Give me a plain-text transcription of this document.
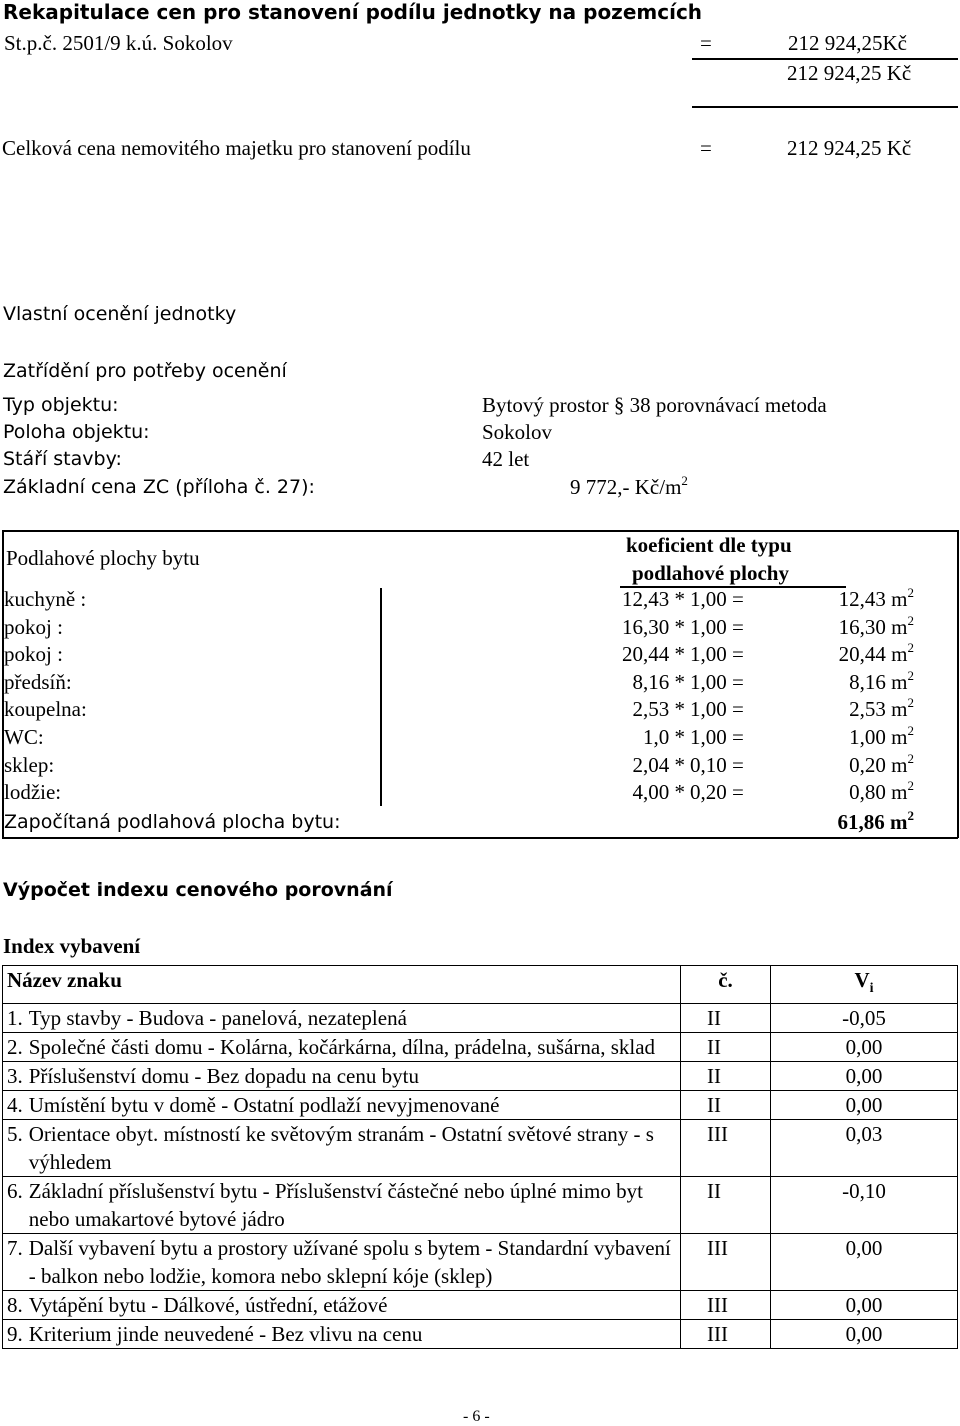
Rekapitulace cen pro stanovení podílu jednotky na pozemcích
St.p.č. 2501/9 k.ú. Sokolov	=	212 924,25Kč
212 924,25 Kč
Celková cena nemovitého majetku pro stanovení podílu	=	212 924,25 Kč
Vlastní ocenění jednotky
Zatřídění pro potřeby ocenění
Typ objektu:	Bytový prostor § 38 porovnávací metoda
Poloha objektu:	Sokolov
Stáří stavby:	42 let
Základní cena ZC (příloha č. 27):	9 772,- $Kč/m^2$
Podlahové plochy bytu
koeficient dle typu
podlahové plochy
kuchyně :	12,43 * 1,00 =	12,43 $m^2$
pokoj :	16,30 * 1,00 =	16,30 $m^2$
pokoj :	20,44 * 1,00 =	20,44 $m^2$
předsíň:	8,16 * 1,00 =	8,16 $m^2$
koupelna:	2,53 * 1,00 =	2,53 $m^2$
WC:	1,0 * 1,00 =	1,00 $m^2$
sklep:	2,04 * 0,10 =	0,20 $m^2$
lodžie:	4,00 * 0,20 =	0,80 $m^2$
Započítaná podlahová plocha bytu:	61,86 $m^2$
Výpočet indexu cenového porovnání
Index vybavení
Název znaku	č.	$V_i$

1. Typ stavby - Budova - panelová, nezateplená	II	-0,05

2. Společné části domu - Kolárna, kočárkárna, dílna, prádelna, sušárna, sklad	II	0,00

3. Příslušenství domu - Bez dopadu na cenu bytu	II	0,00

4. Umístění bytu v domě - Ostatní podlaží nevyjmenované	II	0,00

5. Orientace obyt. místností ke světovým stranám - Ostatní světové strany - s výhledem	III	0,03

6. Základní příslušenství bytu - Příslušenství částečné nebo úplné mimo byt nebo umakartové bytové jádro	II	-0,10

7. Další vybavení bytu a prostory užívané spolu s bytem - Standardní vybavení - balkon nebo lodžie, komora nebo sklepní kóje (sklep)	III	0,00

8. Vytápění bytu - Dálkové, ústřední, etážové	III	0,00

9. Kriterium jinde neuvedené - Bez vlivu na cenu	III	0,00
- 6 -
